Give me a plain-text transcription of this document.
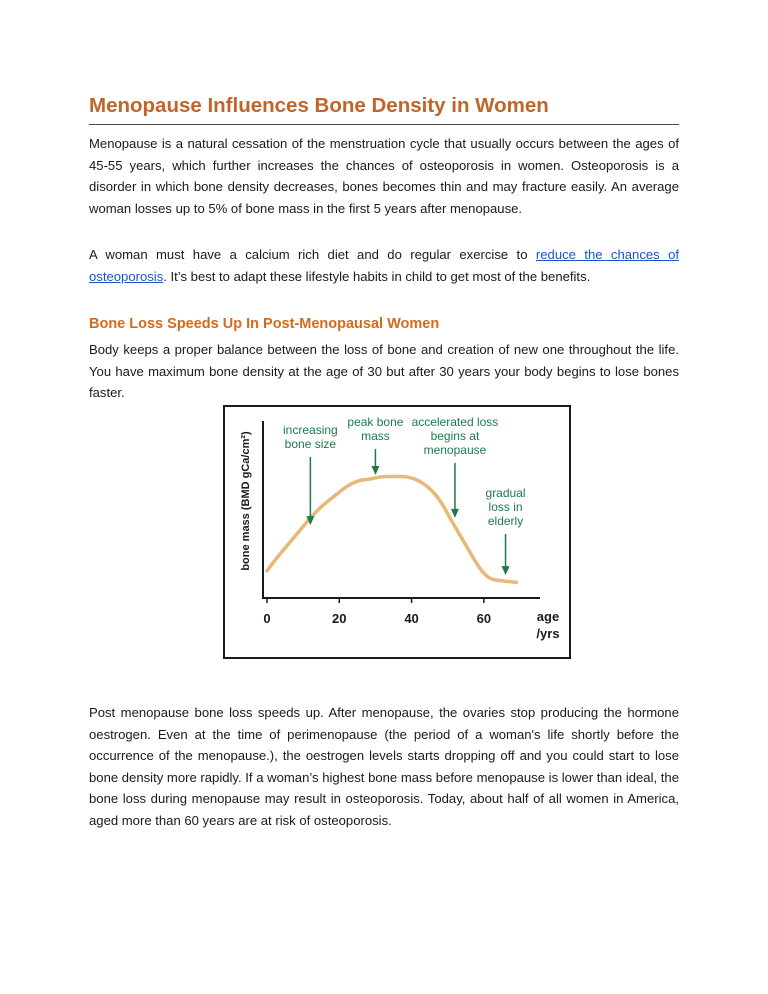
Menopause Influences Bone Density in Women

Menopause is a natural cessation of the menstruation cycle that usually occurs between the ages of 45-55 years, which further increases the chances of osteoporosis in women. Osteoporosis is a disorder in which bone density decreases, bones becomes thin and may fracture easily. An average woman losses up to 5% of bone mass in the first 5 years after menopause.

A woman must have a calcium rich diet and do regular exercise to reduce the chances of osteoporosis. It’s best to adapt these lifestyle habits in child to get most of the benefits.

Bone Loss Speeds Up In Post-Menopausal Women

Body keeps a proper balance between the loss of bone and creation of new one throughout the life. You have maximum bone density at the age of 30 but after 30 years your body begins to lose bones faster.

Post menopause bone loss speeds up. After menopause, the ovaries stop producing the hormone oestrogen. Even at the time of perimenopause (the period of a woman's life shortly before the occurrence of the menopause.), the oestrogen levels starts dropping off and you could start to lose bone density more rapidly. If a woman’s highest bone mass before menopause is lower than ideal, the bone loss during menopause may result in osteoporosis. Today, about half of all women in America, aged more than 60 years are at risk of osteoporosis.

bone mass (BMD gCa/cm²)
age
/yrs
0	20	40	60
increasing
bone size
peak bone
mass
accelerated loss
begins at
menopause
gradual
loss in
elderly
